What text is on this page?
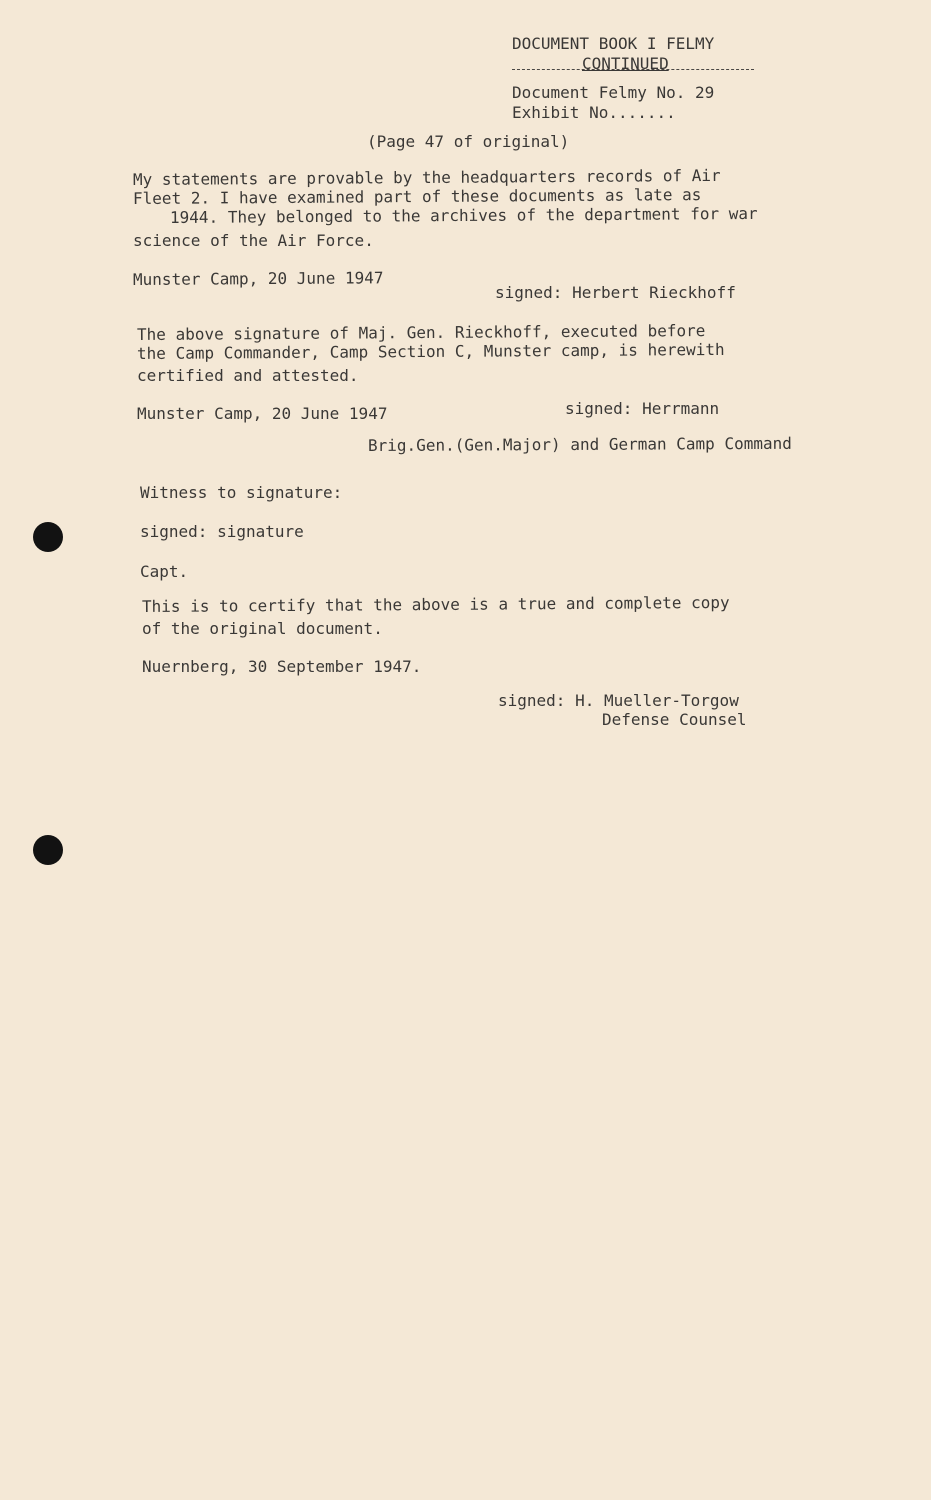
DOCUMENT BOOK I FELMY
CONTINUED
Document Felmy No. 29
Exhibit No.......
(Page 47 of original)
My statements are provable by the headquarters records of Air
Fleet 2. I have examined part of these documents as late as
1944. They belonged to the archives of the department for war
science of the Air Force.
Munster Camp, 20 June 1947
signed: Herbert Rieckhoff
The above signature of Maj. Gen. Rieckhoff, executed before
the Camp Commander, Camp Section C, Munster camp, is herewith
certified and attested.
Munster Camp, 20 June 1947	signed: Herrmann
Brig.Gen.(Gen.Major) and German Camp Command
Witness to signature:
signed: signature
Capt.
This is to certify that the above is a true and complete copy
of the original document.
Nuernberg, 30 September 1947.
signed: H. Mueller-Torgow
Defense Counsel
